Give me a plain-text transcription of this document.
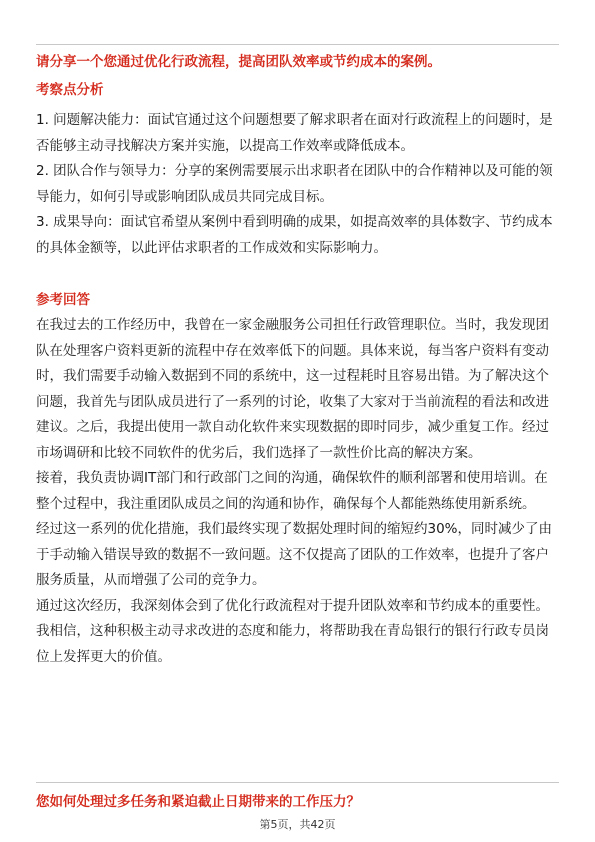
请分享一个您通过优化行政流程，提高团队效率或节约成本的案例。
考察点分析

1. 问题解决能力：面试官通过这个问题想要了解求职者在面对行政流程上的问题时，是否能够主动寻找解决方案并实施，以提高工作效率或降低成本。

2. 团队合作与领导力：分享的案例需要展示出求职者在团队中的合作精神以及可能的领导能力，如何引导或影响团队成员共同完成目标。

3. 成果导向：面试官希望从案例中看到明确的成果，如提高效率的具体数字、节约成本的具体金额等，以此评估求职者的工作成效和实际影响力。

参考回答

在我过去的工作经历中，我曾在一家金融服务公司担任行政管理职位。当时，我发现团队在处理客户资料更新的流程中存在效率低下的问题。具体来说，每当客户资料有变动时，我们需要手动输入数据到不同的系统中，这一过程耗时且容易出错。为了解决这个问题，我首先与团队成员进行了一系列的讨论，收集了大家对于当前流程的看法和改进建议。之后，我提出使用一款自动化软件来实现数据的即时同步，减少重复工作。经过市场调研和比较不同软件的优劣后，我们选择了一款性价比高的解决方案。

接着，我负责协调IT部门和行政部门之间的沟通，确保软件的顺利部署和使用培训。在整个过程中，我注重团队成员之间的沟通和协作，确保每个人都能熟练使用新系统。

经过这一系列的优化措施，我们最终实现了数据处理时间的缩短约30%，同时减少了由于手动输入错误导致的数据不一致问题。这不仅提高了团队的工作效率，也提升了客户服务质量，从而增强了公司的竞争力。

通过这次经历，我深刻体会到了优化行政流程对于提升团队效率和节约成本的重要性。我相信，这种积极主动寻求改进的态度和能力，将帮助我在青岛银行的银行行政专员岗位上发挥更大的价值。

您如何处理过多任务和紧迫截止日期带来的工作压力？
第5页，共42页
